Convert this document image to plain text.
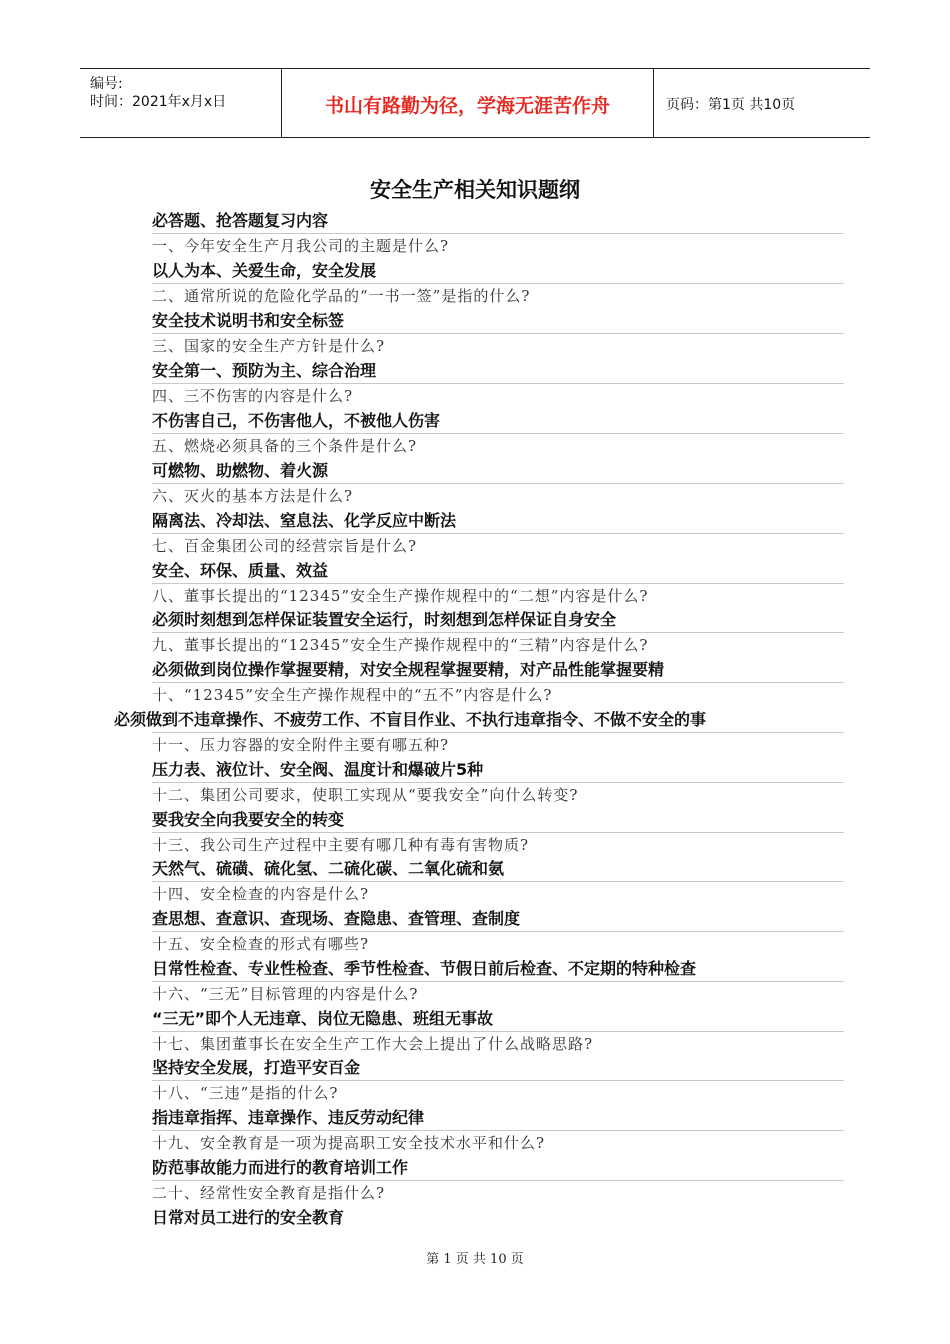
编号:
时间：2021年x月x日	书山有路勤为径，学海无涯苦作舟	页码：第1页 共10页
安全生产相关知识题纲
必答题、抢答题复习内容
一、今年安全生产月我公司的主题是什么?
以人为本、关爱生命，安全发展
二、通常所说的危险化学品的“一书一签”是指的什么?
安全技术说明书和安全标签
三、国家的安全生产方针是什么?
安全第一、预防为主、综合治理
四、三不伤害的内容是什么?
不伤害自己，不伤害他人，不被他人伤害
五、燃烧必须具备的三个条件是什么?
可燃物、助燃物、着火源
六、灭火的基本方法是什么?
隔离法、冷却法、窒息法、化学反应中断法
七、百金集团公司的经营宗旨是什么?
安全、环保、质量、效益
八、董事长提出的“12345”安全生产操作规程中的“二想”内容是什么?
必须时刻想到怎样保证装置安全运行，时刻想到怎样保证自身安全
九、董事长提出的“12345”安全生产操作规程中的“三精”内容是什么?
必须做到岗位操作掌握要精，对安全规程掌握要精，对产品性能掌握要精
十、“12345”安全生产操作规程中的“五不”内容是什么?
必须做到不违章操作、不疲劳工作、不盲目作业、不执行违章指令、不做不安全的事
十一、压力容器的安全附件主要有哪五种?
压力表、液位计、安全阀、温度计和爆破片5种
十二、集团公司要求，使职工实现从“要我安全”向什么转变?
要我安全向我要安全的转变
十三、我公司生产过程中主要有哪几种有毒有害物质?
天然气、硫磺、硫化氢、二硫化碳、二氧化硫和氨
十四、安全检查的内容是什么?
查思想、查意识、查现场、查隐患、查管理、查制度
十五、安全检查的形式有哪些?
日常性检查、专业性检查、季节性检查、节假日前后检查、不定期的特种检查
十六、“三无”目标管理的内容是什么?
“三无”即个人无违章、岗位无隐患、班组无事故
十七、集团董事长在安全生产工作大会上提出了什么战略思路?
坚持安全发展，打造平安百金
十八、“三违”是指的什么?
指违章指挥、违章操作、违反劳动纪律
十九、安全教育是一项为提高职工安全技术水平和什么?
防范事故能力而进行的教育培训工作
二十、经常性安全教育是指什么?
日常对员工进行的安全教育
第 1 页 共 10 页
